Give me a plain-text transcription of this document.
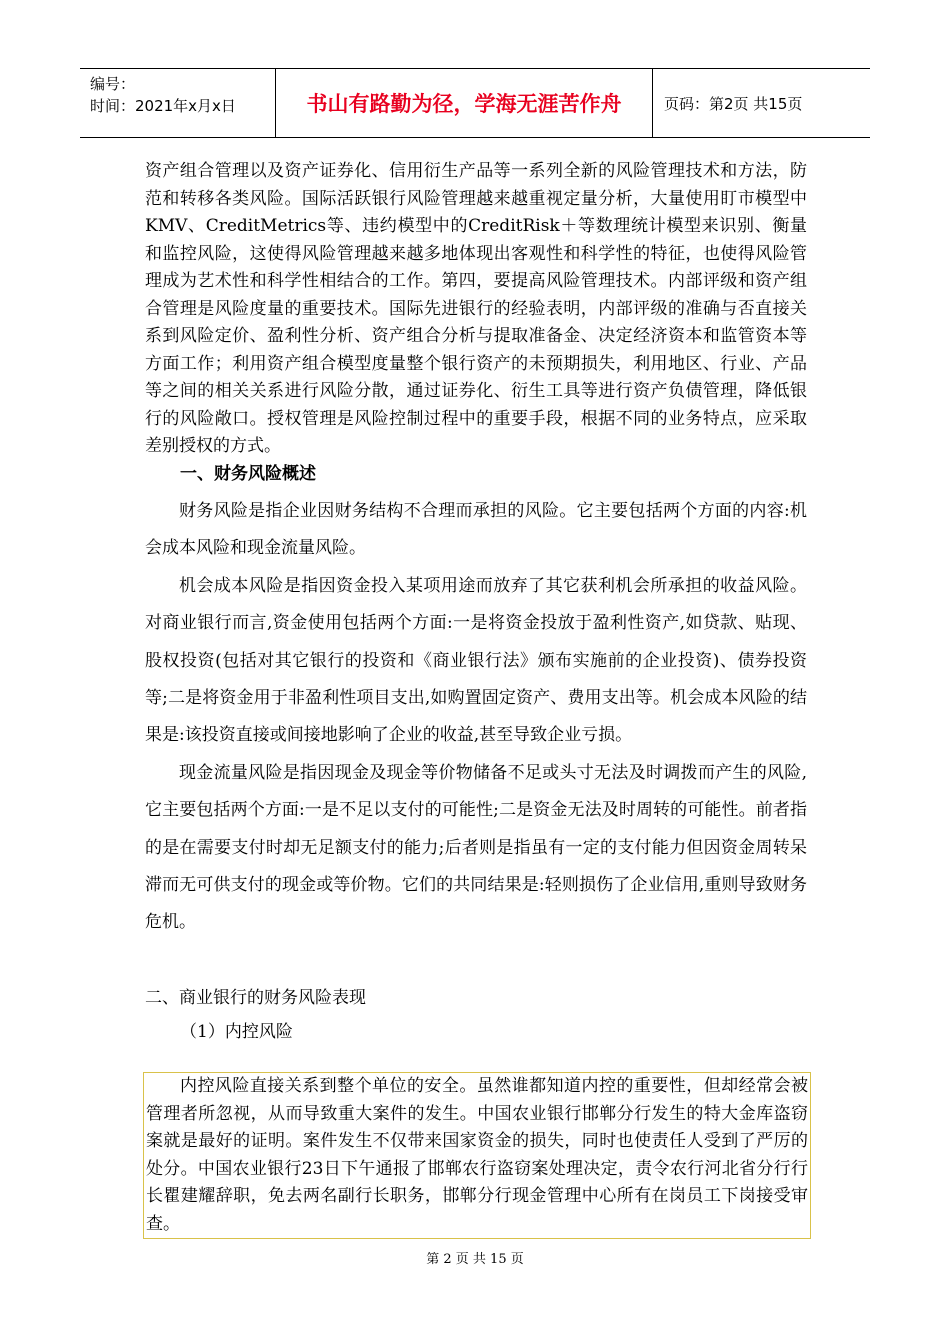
编号：
时间：2021年x月x日	书山有路勤为径，学海无涯苦作舟	页码：第2页 共15页

资产组合管理以及资产证券化、信用衍生产品等一系列全新的风险管理技术和方法，防范和转移各类风险。国际活跃银行风险管理越来越重视定量分析，大量使用盯市模型中KMV、CreditMetrics等、违约模型中的CreditRisk＋等数理统计模型来识别、衡量和监控风险，这使得风险管理越来越多地体现出客观性和科学性的特征，也使得风险管理成为艺术性和科学性相结合的工作。第四，要提高风险管理技术。内部评级和资产组合管理是风险度量的重要技术。国际先进银行的经验表明，内部评级的准确与否直接关系到风险定价、盈利性分析、资产组合分析与提取准备金、决定经济资本和监管资本等方面工作；利用资产组合模型度量整个银行资产的未预期损失，利用地区、行业、产品等之间的相关关系进行风险分散，通过证券化、衍生工具等进行资产负债管理，降低银行的风险敞口。授权管理是风险控制过程中的重要手段，根据不同的业务特点，应采取差别授权的方式。

一、财务风险概述

财务风险是指企业因财务结构不合理而承担的风险。它主要包括两个方面的内容:机会成本风险和现金流量风险。

机会成本风险是指因资金投入某项用途而放弃了其它获利机会所承担的收益风险。对商业银行而言,资金使用包括两个方面:一是将资金投放于盈利性资产,如贷款、贴现、股权投资(包括对其它银行的投资和《商业银行法》颁布实施前的企业投资)、债券投资等;二是将资金用于非盈利性项目支出,如购置固定资产、费用支出等。机会成本风险的结果是:该投资直接或间接地影响了企业的收益,甚至导致企业亏损。

现金流量风险是指因现金及现金等价物储备不足或头寸无法及时调拨而产生的风险,它主要包括两个方面:一是不足以支付的可能性;二是资金无法及时周转的可能性。前者指的是在需要支付时却无足额支付的能力;后者则是指虽有一定的支付能力但因资金周转呆滞而无可供支付的现金或等价物。它们的共同结果是:轻则损伤了企业信用,重则导致财务危机。

二、商业银行的财务风险表现
（1）内控风险

内控风险直接关系到整个单位的安全。虽然谁都知道内控的重要性，但却经常会被管理者所忽视，从而导致重大案件的发生。中国农业银行邯郸分行发生的特大金库盗窃案就是最好的证明。案件发生不仅带来国家资金的损失，同时也使责任人受到了严厉的处分。中国农业银行23日下午通报了邯郸农行盗窃案处理决定，责令农行河北省分行行长瞿建耀辞职，免去两名副行长职务，邯郸分行现金管理中心所有在岗员工下岗接受审查。

第 2 页 共 15 页
